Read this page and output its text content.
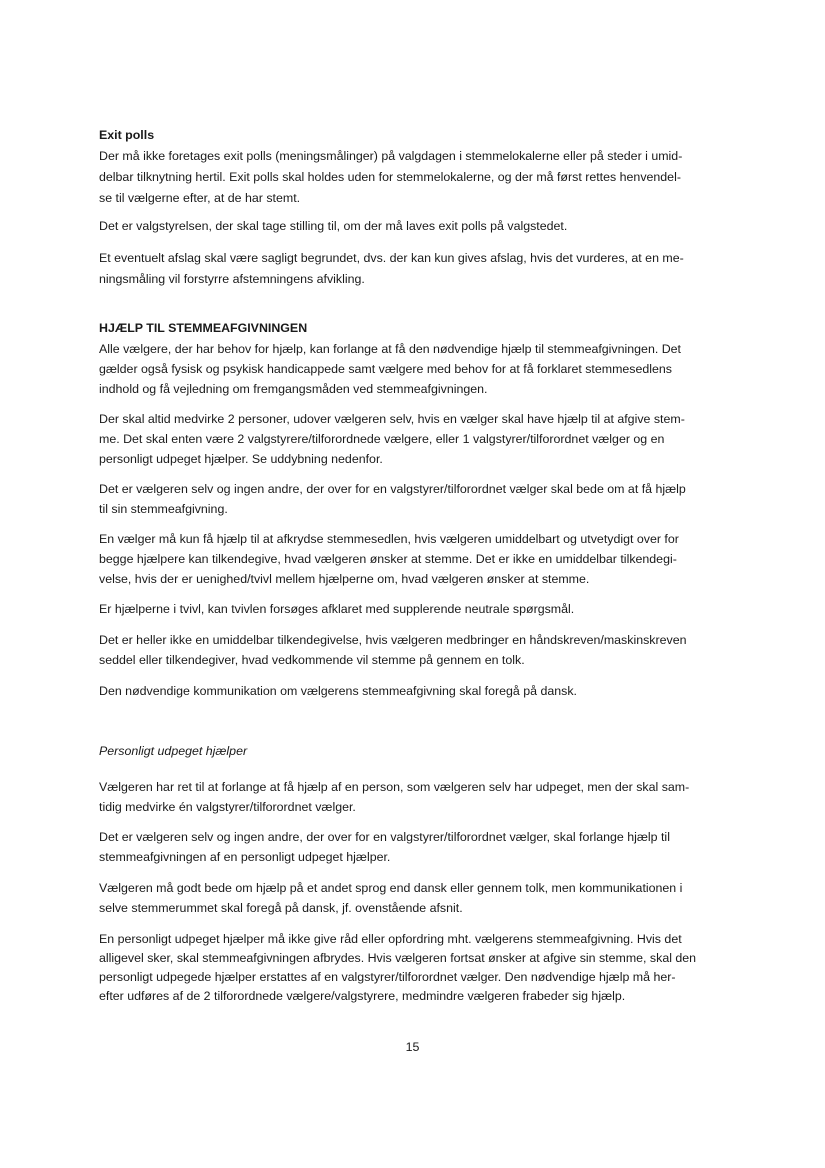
Exit polls
Der må ikke foretages exit polls (meningsmålinger) på valgdagen i stemmelokalerne eller på steder i umid-
delbar tilknytning hertil. Exit polls skal holdes uden for stemmelokalerne, og der må først rettes henvendel-
se til vælgerne efter, at de har stemt.
Det er valgstyrelsen, der skal tage stilling til, om der må laves exit polls på valgstedet.
Et eventuelt afslag skal være sagligt begrundet, dvs. der kan kun gives afslag, hvis det vurderes, at en me-
ningsmåling vil forstyrre afstemningens afvikling.
HJÆLP TIL STEMMEAFGIVNINGEN
Alle vælgere, der har behov for hjælp, kan forlange at få den nødvendige hjælp til stemmeafgivningen. Det
gælder også fysisk og psykisk handicappede samt vælgere med behov for at få forklaret stemmesedlens
indhold og få vejledning om fremgangsmåden ved stemmeafgivningen.
Der skal altid medvirke 2 personer, udover vælgeren selv, hvis en vælger skal have hjælp til at afgive stem-
me. Det skal enten være 2 valgstyrere/tilforordnede vælgere, eller 1 valgstyrer/tilforordnet vælger og en
personligt udpeget hjælper. Se uddybning nedenfor.
Det er vælgeren selv og ingen andre, der over for en valgstyrer/tilforordnet vælger skal bede om at få hjælp
til sin stemmeafgivning.
En vælger må kun få hjælp til at afkrydse stemmesedlen, hvis vælgeren umiddelbart og utvetydigt over for
begge hjælpere kan tilkendegive, hvad vælgeren ønsker at stemme. Det er ikke en umiddelbar tilkendegi-
velse, hvis der er uenighed/tvivl mellem hjælperne om, hvad vælgeren ønsker at stemme.
Er hjælperne i tvivl, kan tvivlen forsøges afklaret med supplerende neutrale spørgsmål.
Det er heller ikke en umiddelbar tilkendegivelse, hvis vælgeren medbringer en håndskreven/maskinskreven
seddel eller tilkendegiver, hvad vedkommende vil stemme på gennem en tolk.
Den nødvendige kommunikation om vælgerens stemmeafgivning skal foregå på dansk.
Personligt udpeget hjælper
Vælgeren har ret til at forlange at få hjælp af en person, som vælgeren selv har udpeget, men der skal sam-
tidig medvirke én valgstyrer/tilforordnet vælger.
Det er vælgeren selv og ingen andre, der over for en valgstyrer/tilforordnet vælger, skal forlange hjælp til
stemmeafgivningen af en personligt udpeget hjælper.
Vælgeren må godt bede om hjælp på et andet sprog end dansk eller gennem tolk, men kommunikationen i
selve stemmerummet skal foregå på dansk, jf. ovenstående afsnit.
En personligt udpeget hjælper må ikke give råd eller opfordring mht. vælgerens stemmeafgivning. Hvis det
alligevel sker, skal stemmeafgivningen afbrydes. Hvis vælgeren fortsat ønsker at afgive sin stemme, skal den
personligt udpegede hjælper erstattes af en valgstyrer/tilforordnet vælger. Den nødvendige hjælp må her-
efter udføres af de 2 tilforordnede vælgere/valgstyrere, medmindre vælgeren frabeder sig hjælp.
15
